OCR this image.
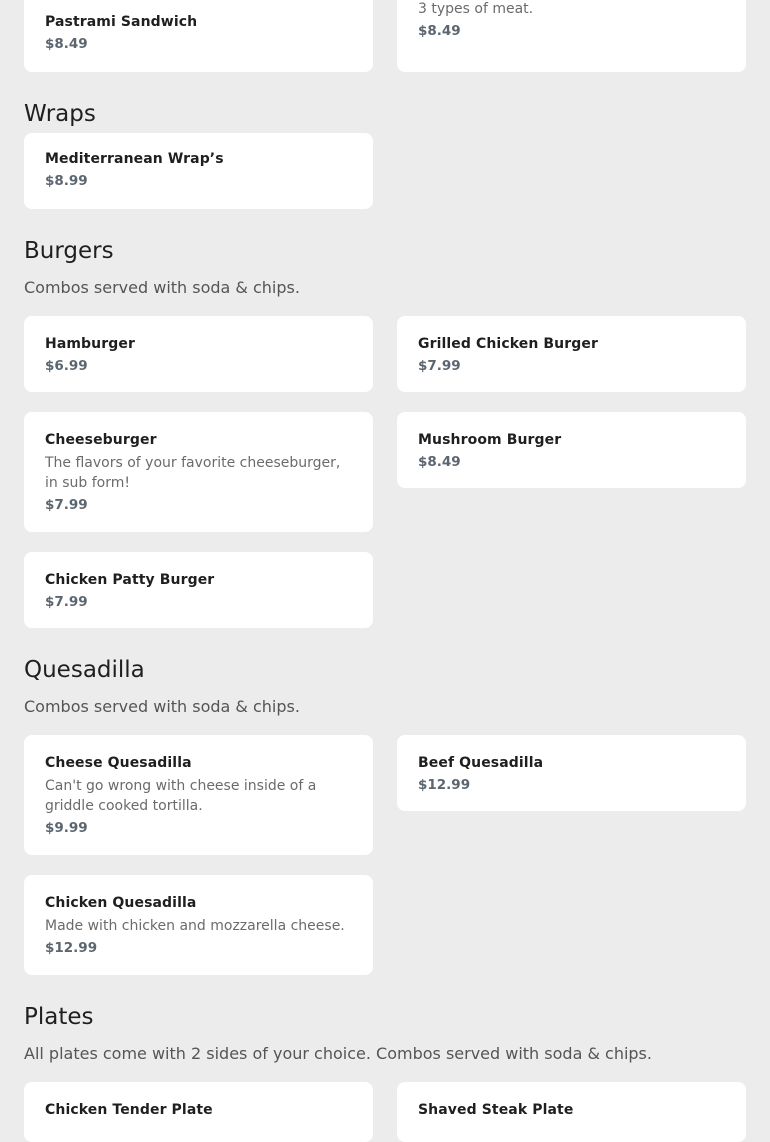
Pastrami Sandwich
$8.49
3 types of meat.
$8.49
Wraps
Mediterranean Wrap’s
$8.99
Burgers
Combos served with soda & chips.
Hamburger
$6.99
Grilled Chicken Burger
$7.99
Cheeseburger
The flavors of your favorite cheeseburger, in sub form!
$7.99
Mushroom Burger
$8.49
Chicken Patty Burger
$7.99
Quesadilla
Combos served with soda & chips.
Cheese Quesadilla
Can't go wrong with cheese inside of a griddle cooked tortilla.
$9.99
Beef Quesadilla
$12.99
Chicken Quesadilla
Made with chicken and mozzarella cheese.
$12.99
Plates
All plates come with 2 sides of your choice. Combos served with soda & chips.
Chicken Tender Plate	Shaved Steak Plate
